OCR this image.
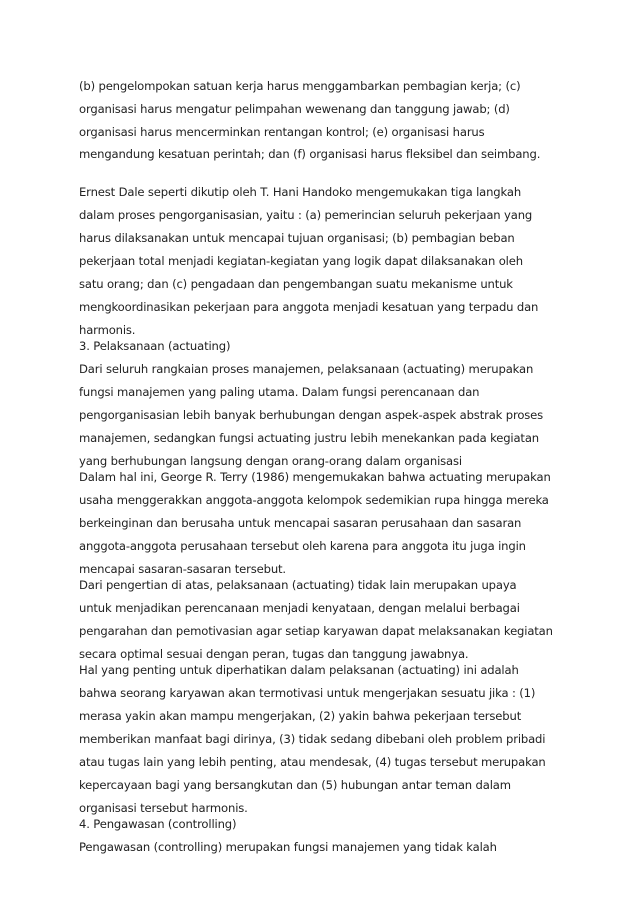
(b) pengelompokan satuan kerja harus menggambarkan pembagian kerja; (c)
organisasi harus mengatur pelimpahan wewenang dan tanggung jawab; (d)
organisasi harus mencerminkan rentangan kontrol; (e) organisasi harus
mengandung kesatuan perintah; dan (f) organisasi harus fleksibel dan seimbang.
Ernest Dale seperti dikutip oleh T. Hani Handoko mengemukakan tiga langkah
dalam proses pengorganisasian, yaitu : (a) pemerincian seluruh pekerjaan yang
harus dilaksanakan untuk mencapai tujuan organisasi; (b) pembagian beban
pekerjaan total menjadi kegiatan-kegiatan yang logik dapat dilaksanakan oleh
satu orang; dan (c) pengadaan dan pengembangan suatu mekanisme untuk
mengkoordinasikan pekerjaan para anggota menjadi kesatuan yang terpadu dan
harmonis.
3. Pelaksanaan (actuating)
Dari seluruh rangkaian proses manajemen, pelaksanaan (actuating) merupakan
fungsi manajemen yang paling utama. Dalam fungsi perencanaan dan
pengorganisasian lebih banyak berhubungan dengan aspek-aspek abstrak proses
manajemen, sedangkan fungsi actuating justru lebih menekankan pada kegiatan
yang berhubungan langsung dengan orang-orang dalam organisasi
Dalam hal ini, George R. Terry (1986) mengemukakan bahwa actuating merupakan
usaha menggerakkan anggota-anggota kelompok sedemikian rupa hingga mereka
berkeinginan dan berusaha untuk mencapai sasaran perusahaan dan sasaran
anggota-anggota perusahaan tersebut oleh karena para anggota itu juga ingin
mencapai sasaran-sasaran tersebut.
Dari pengertian di atas, pelaksanaan (actuating) tidak lain merupakan upaya
untuk menjadikan perencanaan menjadi kenyataan, dengan melalui berbagai
pengarahan dan pemotivasian agar setiap karyawan dapat melaksanakan kegiatan
secara optimal sesuai dengan peran, tugas dan tanggung jawabnya.
Hal yang penting untuk diperhatikan dalam pelaksanan (actuating) ini adalah
bahwa seorang karyawan akan termotivasi untuk mengerjakan sesuatu jika : (1)
merasa yakin akan mampu mengerjakan, (2) yakin bahwa pekerjaan tersebut
memberikan manfaat bagi dirinya, (3) tidak sedang dibebani oleh problem pribadi
atau tugas lain yang lebih penting, atau mendesak, (4) tugas tersebut merupakan
kepercayaan bagi yang bersangkutan dan (5) hubungan antar teman dalam
organisasi tersebut harmonis.
4. Pengawasan (controlling)
Pengawasan (controlling) merupakan fungsi manajemen yang tidak kalah
